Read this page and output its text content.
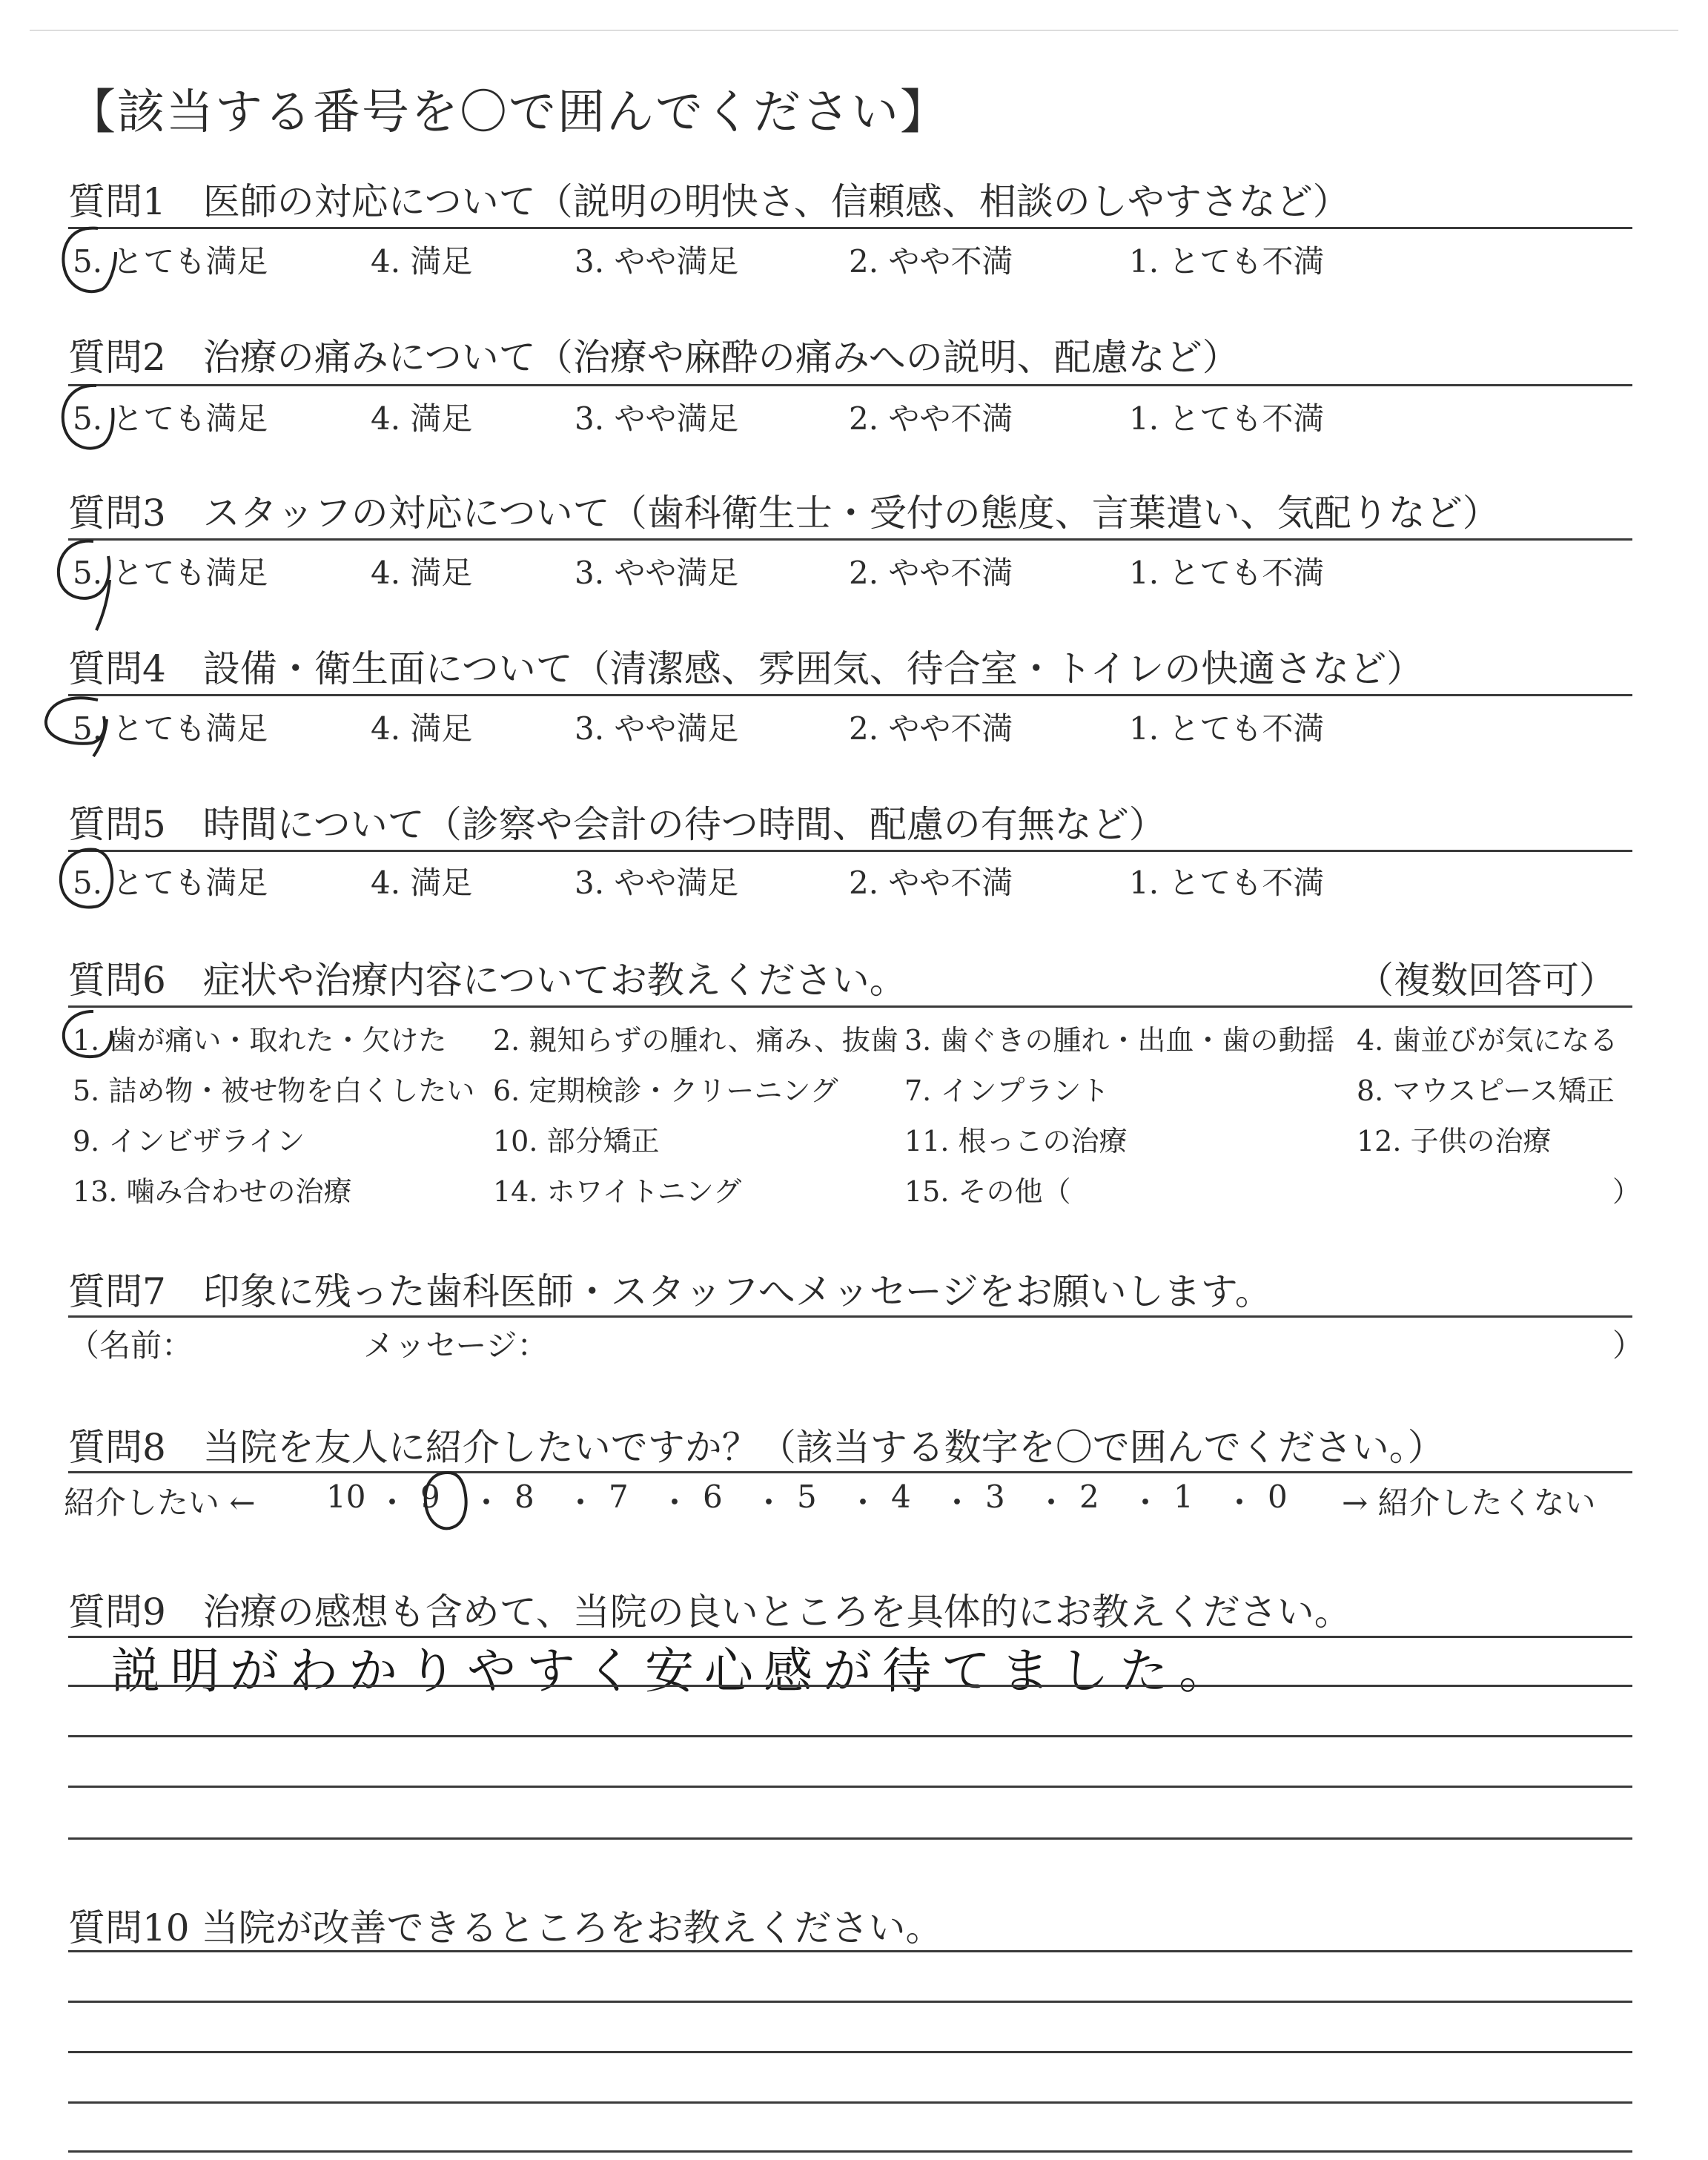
【該当する番号を〇で囲んでください】
質問1　医師の対応について（説明の明快さ、信頼感、相談のしやすさなど）
5. とても満足	4. 満足	3. やや満足	2. やや不満	1. とても不満
質問2　治療の痛みについて（治療や麻酔の痛みへの説明、配慮など）
5. とても満足	4. 満足	3. やや満足	2. やや不満	1. とても不満
質問3　スタッフの対応について（歯科衛生士・受付の態度、言葉遣い、気配りなど）
5. とても満足	4. 満足	3. やや満足	2. やや不満	1. とても不満
質問4　設備・衛生面について（清潔感、雰囲気、待合室・トイレの快適さなど）
5. とても満足	4. 満足	3. やや満足	2. やや不満	1. とても不満
質問5　時間について（診察や会計の待つ時間、配慮の有無など）
5. とても満足	4. 満足	3. やや満足	2. やや不満	1. とても不満
質問6　症状や治療内容についてお教えください。	（複数回答可）
1. 歯が痛い・取れた・欠けた 2. 親知らずの腫れ、痛み、抜歯 3. 歯ぐきの腫れ・出血・歯の動揺 4. 歯並びが気になる
5. 詰め物・被せ物を白くしたい 6. 定期検診・クリーニング 7. インプラント	8. マウスピース矯正
9. インビザライン	10. 部分矯正	11. 根っこの治療	12. 子供の治療
13. 噛み合わせの治療	14. ホワイトニング	15. その他（	）
質問7　印象に残った歯科医師・スタッフへメッセージをお願いします。
（名前：	メッセージ：	）
質問8　当院を友人に紹介したいですか？（該当する数字を〇で囲んでください。）
紹介したい ← 10 ・ 9 ・ 8 ・ 7 ・ 6 ・ 5 ・ 4 ・ 3 ・ 2 ・ 1 ・ 0 → 紹介したくない
質問9　治療の感想も含めて、当院の良いところを具体的にお教えください。
説明がわかりやすく安心感が待てました。
質問10 当院が改善できるところをお教えください。
